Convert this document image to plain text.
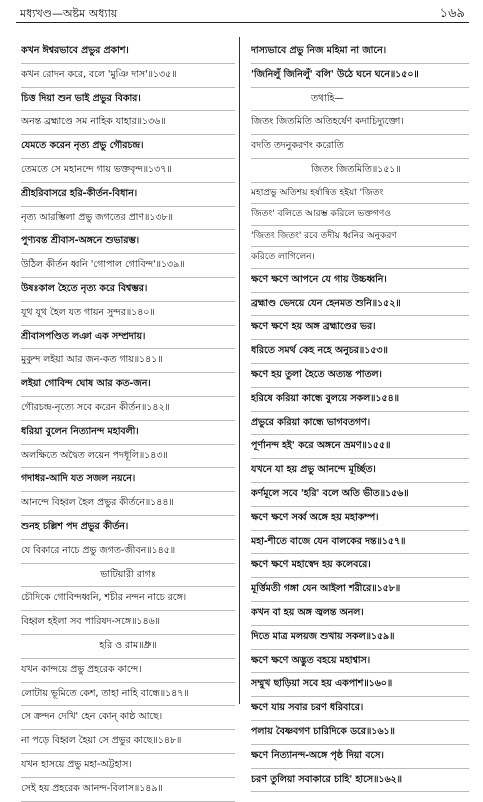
মধ্যখণ্ড—অষ্টম অধ্যায়	১৬৯
কখন ঈশ্বরভাবে প্রভুর প্রকাশ।
কখন রোদন করে, বলে 'মুঞি দাস'॥১৩৫॥
চিত্ত দিয়া শুন ভাই প্রভুর বিকার।
অনন্ত ব্রহ্মাণ্ডে সম নাহিক যাহার॥১৩৬॥
যেমতে করেন নৃত্য প্রভু গৌরচন্দ্র।
তেমতে সে মহানন্দে গায় ভক্তবৃন্দ॥১৩৭॥
শ্রীহরিবাসরে হরি-কীর্তন-বিধান।
নৃত্য আরম্ভিলা প্রভু জগতের প্রাণ॥১৩৮॥
পুণ্যবন্ত শ্রীবাস-অঙ্গনে শুভারম্ভ।
উঠিল কীর্তন ধ্বনি 'গোপাল গোবিন্দ'॥১৩৯॥
উষঃকাল হৈতে নৃত্য করে বিশ্বম্ভর।
যূথ যূথ হৈল যত গায়ন সুন্দর॥১৪০॥
শ্রীবাসপণ্ডিত লঞা এক সম্প্রদায়।
মুকুন্দ লইয়া আর জন-কত গায়॥১৪১॥
লইয়া গোবিন্দ ঘোষ আর কত-জন।
গৌরচন্দ্র-নৃত্যে সবে করেন কীর্তন॥১৪২॥
ধরিয়া বুলেন নিত্যানন্দ মহাবলী।
অলক্ষিতে অদ্বৈত লয়েন পদধূলি॥১৪৩॥
গদাধর-আদি যত সজল নয়নে।
আনন্দে বিহ্বল হৈল প্রভুর কীর্তনে॥১৪৪॥
শুনহ চল্লিশ পদ প্রভুর কীর্তন।
যে বিকারে নাচে প্রভু জগত-জীবন॥১৪৫॥
ভাটিয়ারী রাগঃ
চৌদিকে গোবিন্দধ্বনি, শচীর নন্দন নাচে রঙ্গে।
বিহ্বল হইলা সব পারিষদ-সঙ্গে॥১৪৬॥
হরি ও রাম॥ধ্রু॥
যখন কান্দয়ে প্রভু প্রহরেক কান্দে।
লোটায় ভূমিতে কেশ, তাহা নাহি বান্ধে॥১৪৭॥
সে ক্রন্দন দেখি' হেন কোন্ কাষ্ঠ আছে।
না পড়ে বিহ্বল হৈয়া সে প্রভুর কাছে॥১৪৮॥
যখন হাসয়ে প্রভু মহা-অট্টহাস।
সেই হয় প্রহরেক আনন্দ-বিলাস॥১৪৯॥
দাস্যভাবে প্রভু নিজ মহিমা না জানে।
'জিনিলুঁ জিনিলুঁ' বলি' উঠে ঘনে ঘনে॥১৫০॥
তথাহি—
জিতং জিতমিতি অতিহর্ষেণ কদাচিদ্যুক্তো।
বদতি তদনুকরণং করোতি
জিতং জিতমিতি॥১৫১॥
মহাপ্রভু অতিশয় হর্ষান্বিত হইয়া 'জিতং
জিতং' বলিতে আরম্ভ করিলে ভক্তগণও
'জিতং জিতং' রবে তদীয় ধ্বনির অনুকরণ
করিতে লাগিলেন।
ক্ষণে ক্ষণে আপনে যে গায় উচ্চধ্বনি।
ব্রহ্মাণ্ড ভেদয়ে যেন হেনমত শুনি॥১৫২॥
ক্ষণে ক্ষণে হয় অঙ্গ ব্রহ্মাণ্ডের ভর।
ধরিতে সমর্থ কেহ নহে অনুচর॥১৫৩॥
ক্ষণে হয় তুলা হৈতে অত্যন্ত পাতল।
হরিষে করিয়া কান্ধে বুলয়ে সকল॥১৫৪॥
প্রভুরে করিয়া কান্ধে ভাগবতগণ।
পূর্ণানন্দ হই' করে অঙ্গনে ভ্রমণ॥১৫৫॥
যখনে যা হয় প্রভু আনন্দে মূর্চ্ছিত।
কর্ণমূলে সবে 'হরি' বলে অতি ভীত॥১৫৬॥
ক্ষণে ক্ষণে সর্ব্ব অঙ্গে হয় মহাকম্প।
মহা-শীতে বাজে যেন বালকের দন্ত॥১৫৭॥
ক্ষণে ক্ষণে মহাস্বেদ হয় কলেবরে।
মূর্ত্তিমতী গঙ্গা যেন আইলা শরীরে॥১৫৮॥
কখন বা হয় অঙ্গ জ্বলন্ত অনল।
দিতে মাত্র মলয়জ শুখায় সকল॥১৫৯॥
ক্ষণে ক্ষণে অদ্ভুত বহয়ে মহাশ্বাস।
সম্মুখ ছাড়িয়া সবে হয় একপাশ॥১৬০॥
ক্ষণে যায় সবার চরণ ধরিবারে।
পলায় বৈষ্ণবগণ চারিদিকে ডরে॥১৬১॥
ক্ষণে নিত্যানন্দ-অঙ্গে পৃষ্ঠ দিয়া বসে।
চরণ তুলিয়া সবাকারে চাহি' হাসে॥১৬২॥
